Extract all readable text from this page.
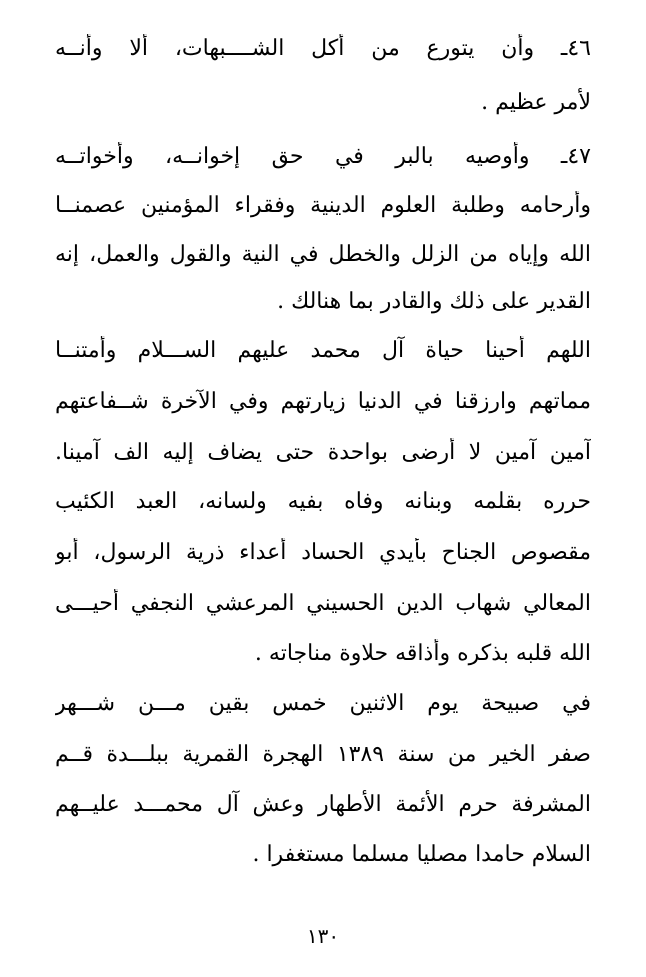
٤٦ـ وأن يتورع من أكل الشــــبهات، ألا وأنــه
لأمر عظيم .
٤٧ـ وأوصيه بالبر في حق إخوانــه، وأخواتــه
وأرحامه وطلبة العلوم الدينية وفقراء المؤمنين عصمنــا
الله وإياه من الزلل والخطل في النية والقول والعمل، إنه
القدير على ذلك والقادر بما هنالك .
اللهم أحينا حياة آل محمد عليهم الســـلام وأمتنــا
مماتهم وارزقنا في الدنيا زيارتهم وفي الآخرة شــفاعتهم
آمين آمين لا أرضى بواحدة حتى يضاف إليه الف آمينا.
حرره بقلمه وبنانه وفاه بفيه ولسانه، العبد الكئيب
مقصوص الجناح بأيدي الحساد أعداء ذرية الرسول، أبو
المعالي شهاب الدين الحسيني المرعشي النجفي أحيـــى
الله قلبه بذكره وأذاقه حلاوة مناجاته .
في صبيحة يوم الاثنين خمس بقين مـــن شـــهر
صفر الخير من سنة ١٣٨٩ الهجرة القمرية ببلـــدة قــم
المشرفة حرم الأئمة الأطهار وعش آل محمـــد عليــهم
السلام حامدا مصليا مسلما مستغفرا .
١٣٠
